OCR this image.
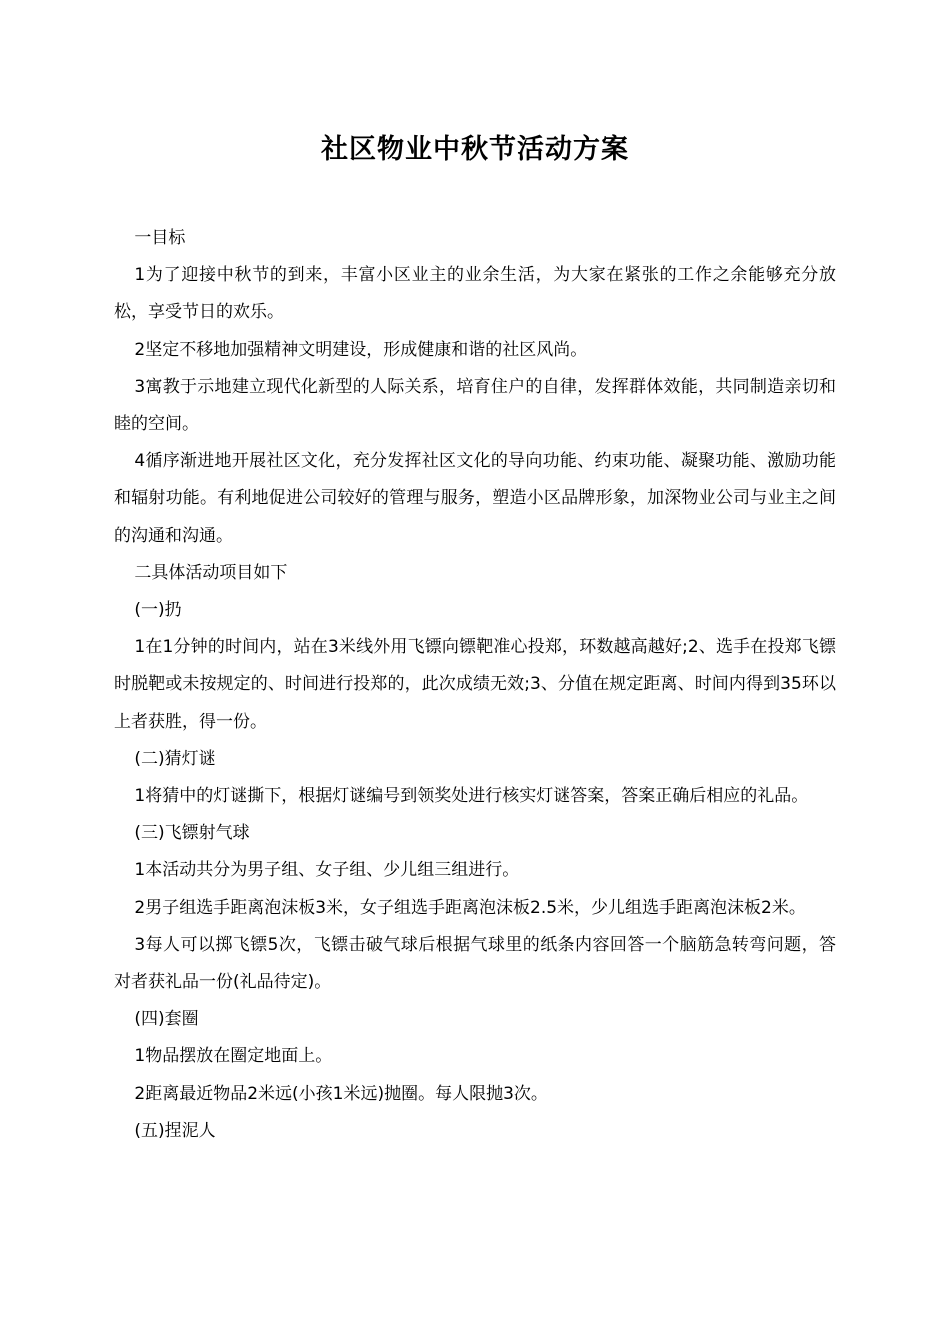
社区物业中秋节活动方案

一目标

1为了迎接中秋节的到来，丰富小区业主的业余生活，为大家在紧张的工作之余能够充分放松，享受节日的欢乐。

2坚定不移地加强精神文明建设，形成健康和谐的社区风尚。

3寓教于示地建立现代化新型的人际关系，培育住户的自律，发挥群体效能，共同制造亲切和睦的空间。

4循序渐进地开展社区文化，充分发挥社区文化的导向功能、约束功能、凝聚功能、激励功能和辐射功能。有利地促进公司较好的管理与服务，塑造小区品牌形象，加深物业公司与业主之间的沟通和沟通。

二具体活动项目如下

(一)扔

1在1分钟的时间内，站在3米线外用飞镖向镖靶准心投郑，环数越高越好;2、选手在投郑飞镖时脱靶或未按规定的、时间进行投郑的，此次成绩无效;3、分值在规定距离、时间内得到35环以上者获胜，得一份。

(二)猜灯谜

1将猜中的灯谜撕下，根据灯谜编号到领奖处进行核实灯谜答案，答案正确后相应的礼品。

(三)飞镖射气球

1本活动共分为男子组、女子组、少儿组三组进行。

2男子组选手距离泡沫板3米，女子组选手距离泡沫板2.5米，少儿组选手距离泡沫板2米。

3每人可以掷飞镖5次，飞镖击破气球后根据气球里的纸条内容回答一个脑筋急转弯问题，答对者获礼品一份(礼品待定)。

(四)套圈

1物品摆放在圈定地面上。

2距离最近物品2米远(小孩1米远)抛圈。每人限抛3次。

(五)捏泥人
